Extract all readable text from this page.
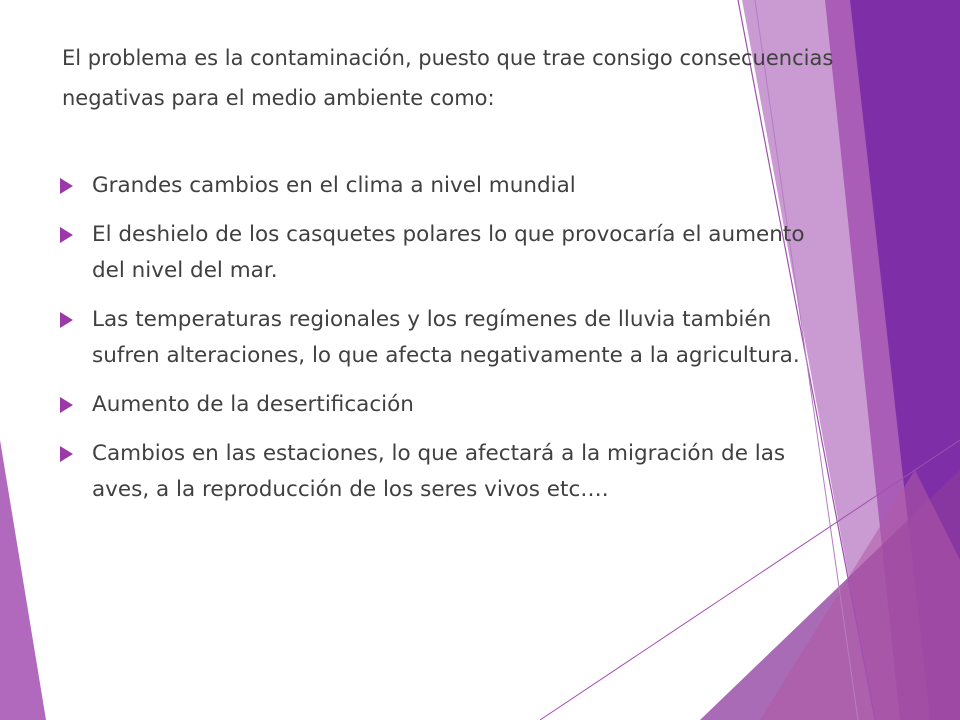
El problema es la contaminación, puesto que trae consigo consecuencias negativas para el medio ambiente como:

Grandes cambios en el clima a nivel mundial
El deshielo de los casquetes polares lo que provocaría el aumento del nivel del mar.
Las temperaturas regionales y los regímenes de lluvia también sufren alteraciones, lo que afecta negativamente a la agricultura.
Aumento de la desertificación
Cambios en las estaciones, lo que afectará a la migración de las aves, a la reproducción de los seres vivos etc….
